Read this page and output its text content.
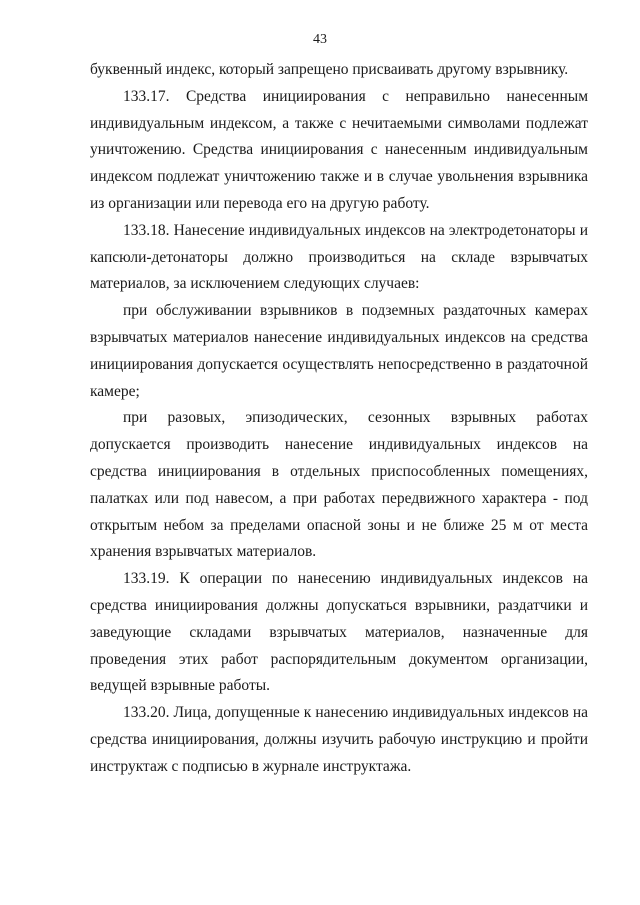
43

буквенный индекс, который запрещено присваивать другому взрывнику.

133.17. Средства инициирования с неправильно нанесенным индивидуальным индексом, а также с нечитаемыми символами подлежат уничтожению. Средства инициирования с нанесенным индивидуальным индексом подлежат уничтожению также и в случае увольнения взрывника из организации или перевода его на другую работу.

133.18. Нанесение индивидуальных индексов на электродетонаторы и капсюли-детонаторы должно производиться на складе взрывчатых материалов, за исключением следующих случаев:

при обслуживании взрывников в подземных раздаточных камерах взрывчатых материалов нанесение индивидуальных индексов на средства инициирования допускается осуществлять непосредственно в раздаточной камере;

при разовых, эпизодических, сезонных взрывных работах допускается производить нанесение индивидуальных индексов на средства инициирования в отдельных приспособленных помещениях, палатках или под навесом, а при работах передвижного характера - под открытым небом за пределами опасной зоны и не ближе 25 м от места хранения взрывчатых материалов.

133.19. К операции по нанесению индивидуальных индексов на средства инициирования должны допускаться взрывники, раздатчики и заведующие складами взрывчатых материалов, назначенные для проведения этих работ распорядительным документом организации, ведущей взрывные работы.

133.20. Лица, допущенные к нанесению индивидуальных индексов на средства инициирования, должны изучить рабочую инструкцию и пройти инструктаж с подписью в журнале инструктажа.
